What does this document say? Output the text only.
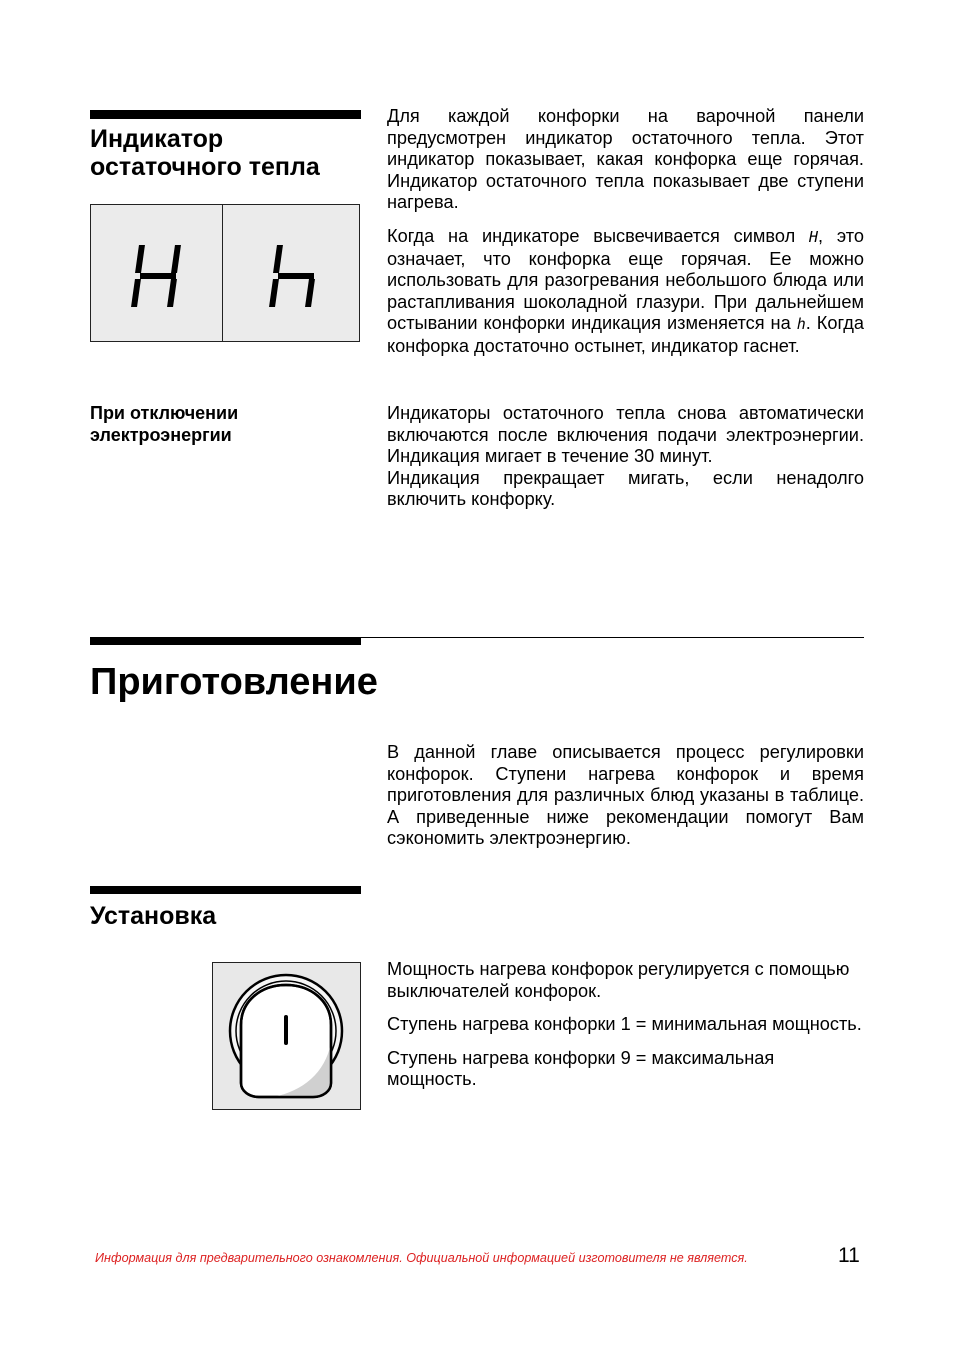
Индикатор
остаточного тепла

Для каждой конфорки на варочной панели предусмотрен индикатор остаточного тепла. Этот индикатор показывает, какая конфорка еще горячая. Индикатор остаточного тепла показывает две ступени нагрева.

Когда на индикаторе высвечивается символ H, это означает, что конфорка еще горячая. Ее можно использовать для разогревания небольшого блюда или растапливания шоколадной глазури. При дальнейшем остывании конфорки индикация изменяется на h. Когда конфорка достаточно остынет, индикатор гаснет.

При отключении
электроэнергии

Индикаторы остаточного тепла снова автоматически включаются после включения подачи электроэнергии. Индикация мигает в течение 30 минут.

Индикация прекращает мигать, если ненадолго включить конфорку.

Приготовление

В данной главе описывается процесс регулировки конфорок. Ступени нагрева конфорок и время приготовления для различных блюд указаны в таблице. А приведенные ниже рекомендации помогут Вам сэкономить электроэнергию.

Установка

Мощность нагрева конфорок регулируется с помощью выключателей конфорок.

Ступень нагрева конфорки 1 = минимальная мощность.

Ступень нагрева конфорки 9 = максимальная мощность.

Информация для предварительного ознакомления. Официальной информацией изготовителя не является.	11
